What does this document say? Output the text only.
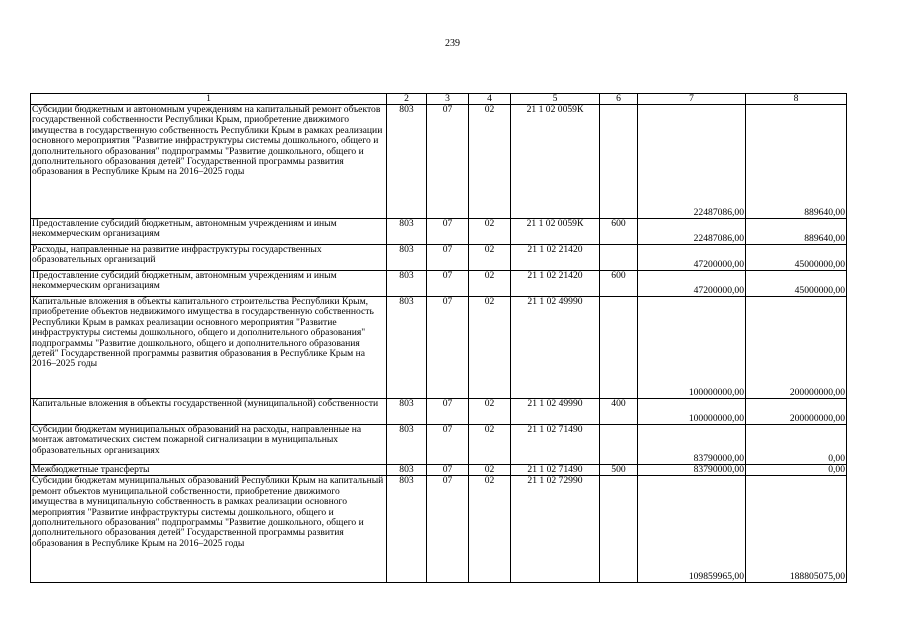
239
1	2	3	4	5	6	7	8
Субсидии бюджетным и автономным учреждениям на капитальный ремонт объектов государственной собственности Республики Крым, приобретение движимого имущества в государственную собственность Республики Крым в рамках реализации основного мероприятия "Развитие инфраструктуры системы дошкольного, общего и дополнительного образования" подпрограммы "Развитие дошкольного, общего и дополнительного образования детей" Государственной программы развития образования в Республике Крым на 2016–2025 годы	803	07	02	21 1 02 0059К		22487086,00	889640,00
Предоставление субсидий бюджетным, автономным учреждениям и иным некоммерческим организациям	803	07	02	21 1 02 0059К	600	22487086,00	889640,00
Расходы, направленные на развитие инфраструктуры государственных образовательных организаций	803	07	02	21 1 02 21420		47200000,00	45000000,00
Предоставление субсидий бюджетным, автономным учреждениям и иным некоммерческим организациям	803	07	02	21 1 02 21420	600	47200000,00	45000000,00
Капитальные вложения в объекты капитального строительства Республики Крым, приобретение объектов недвижимого имущества в государственную собственность Республики Крым в рамках реализации основного мероприятия "Развитие инфраструктуры системы дошкольного, общего и дополнительного образования" подпрограммы "Развитие дошкольного, общего и дополнительного образования детей" Государственной программы развития образования в Республике Крым на 2016–2025 годы	803	07	02	21 1 02 49990		100000000,00	200000000,00
Капитальные вложения в объекты государственной (муниципальной) собственности	803	07	02	21 1 02 49990	400	100000000,00	200000000,00
Субсидии бюджетам муниципальных образований на расходы, направленные на монтаж автоматических систем пожарной сигнализации в муниципальных образовательных организациях	803	07	02	21 1 02 71490		83790000,00	0,00
Межбюджетные трансферты	803	07	02	21 1 02 71490	500	83790000,00	0,00
Субсидии бюджетам муниципальных образований Республики Крым на капитальный ремонт объектов муниципальной собственности, приобретение движимого имущества в муниципальную собственность в рамках реализации основного мероприятия "Развитие инфраструктуры системы дошкольного, общего и дополнительного образования" подпрограммы "Развитие дошкольного, общего и дополнительного образования детей" Государственной программы развития образования в Республике Крым на 2016–2025 годы	803	07	02	21 1 02 72990		109859965,00	188805075,00
